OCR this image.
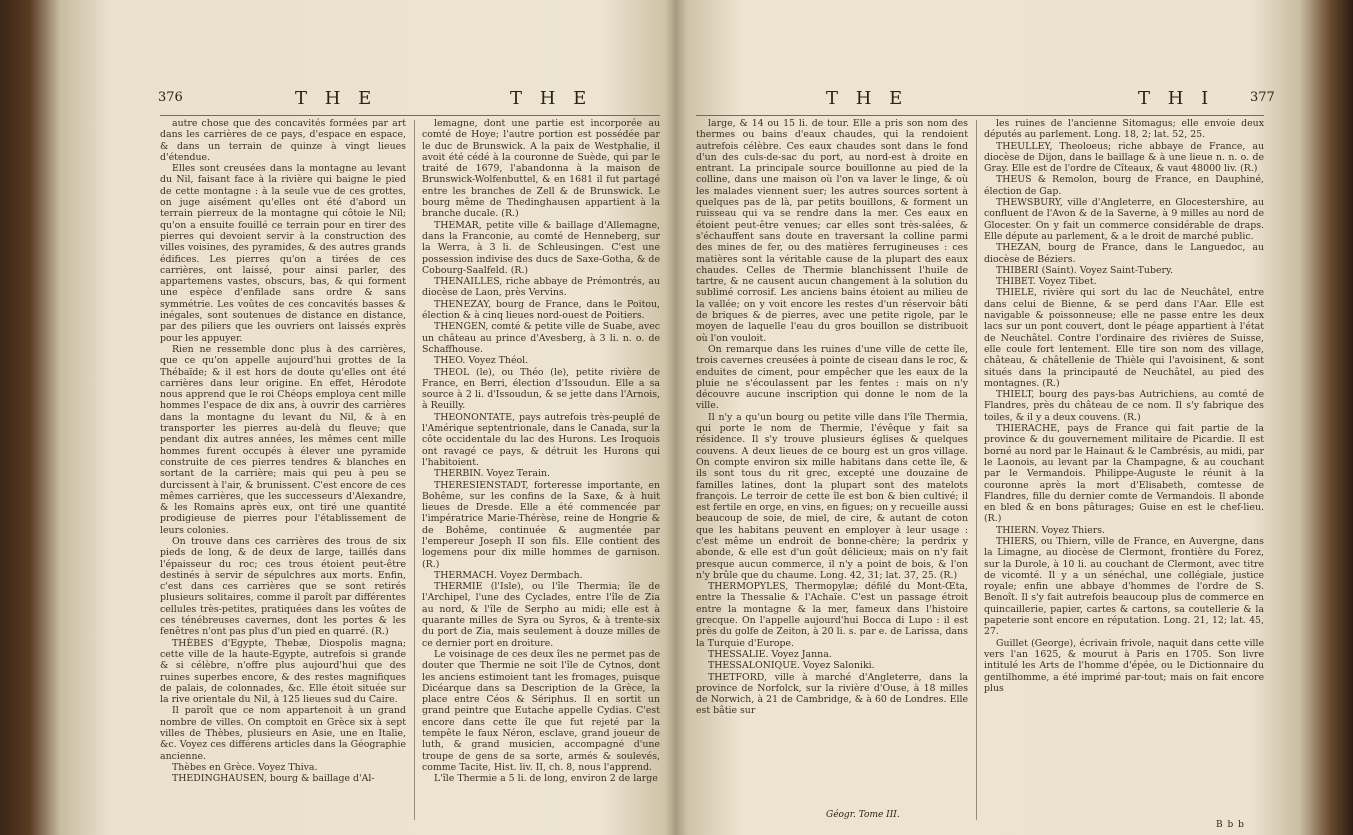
376	T H E	T H E

autre chose que des concavités formées par art dans les carrières de ce pays, d'espace en espace, & dans un terrain de quinze à vingt lieues d'étendue.

Elles sont creusées dans la montagne au levant du Nil, faisant face à la rivière qui baigne le pied de cette montagne : à la seule vue de ces grottes, on juge aisément qu'elles ont été d'abord un terrain pierreux de la montagne qui côtoie le Nil; qu'on a ensuite fouillé ce terrain pour en tirer des pierres qui devoient servir à la construction des villes voisines, des pyramides, & des autres grands édifices. Les pierres qu'on a tirées de ces carrières, ont laissé, pour ainsi parler, des appartemens vastes, obscurs, bas, & qui forment une espèce d'enfilade sans ordre & sans symmétrie. Les voûtes de ces concavités basses & inégales, sont soutenues de distance en distance, par des piliers que les ouvriers ont laissés exprès pour les appuyer.

Rien ne ressemble donc plus à des carrières, que ce qu'on appelle aujourd'hui grottes de la Thébaïde; & il est hors de doute qu'elles ont été carrières dans leur origine. En effet, Hérodote nous apprend que le roi Chéops employa cent mille hommes l'espace de dix ans, à ouvrir des carrières dans la montagne du levant du Nil, & à en transporter les pierres au-delà du fleuve; que pendant dix autres années, les mêmes cent mille hommes furent occupés à élever une pyramide construite de ces pierres tendres & blanches en sortant de la carrière; mais qui peu à peu se durcissent à l'air, & brunissent. C'est encore de ces mêmes carrières, que les successeurs d'Alexandre, & les Romains après eux, ont tiré une quantité prodigieuse de pierres pour l'établissement de leurs colonies.

On trouve dans ces carrières des trous de six pieds de long, & de deux de large, taillés dans l'épaisseur du roc; ces trous étoient peut-être destinés à servir de sépulchres aux morts. Enfin, c'est dans ces carrières que se sont retirés plusieurs solitaires, comme il paroît par différentes cellules très-petites, pratiquées dans les voûtes de ces ténébreuses cavernes, dont les portes & les fenêtres n'ont pas plus d'un pied en quarré. (R.)

THÈBES d'Egypte, Thebæ, Diospolis magna; cette ville de la haute-Egypte, autrefois si grande & si célèbre, n'offre plus aujourd'hui que des ruines superbes encore, & des restes magnifiques de palais, de colonnades, &c. Elle étoit située sur la rive orientale du Nil, à 125 lieues sud du Caire.

Il paroît que ce nom appartenoit à un grand nombre de villes. On comptoit en Grèce six à sept villes de Thèbes, plusieurs en Asie, une en Italie, &c. Voyez ces différens articles dans la Géographie ancienne.

Thèbes en Grèce. Voyez Thiva.

THEDINGHAUSEN, bourg & baillage d'Al-

lemagne, dont une partie est incorporée au comté de Hoye; l'autre portion est possédée par le duc de Brunswick. A la paix de Westphalie, il avoit été cédé à la couronne de Suède, qui par le traité de 1679, l'abandonna à la maison de Brunswick-Wolfenbuttel, & en 1681 il fut partagé entre les branches de Zell & de Brunswick. Le bourg même de Thedinghausen appartient à la branche ducale. (R.)

THEMAR, petite ville & baillage d'Allemagne, dans la Franconie, au comté de Henneberg, sur la Werra, à 3 li. de Schleusingen. C'est une possession indivise des ducs de Saxe-Gotha, & de Cobourg-Saalfeld. (R.)

THENAILLES, riche abbaye de Prémontrés, au diocèse de Laon, près Vervins.

THENEZAY, bourg de France, dans le Poitou, élection & à cinq lieues nord-ouest de Poitiers.

THENGEN, comté & petite ville de Suabe, avec un château au prince d'Avesberg, à 3 li. n. o. de Schaffhouse.

THEO. Voyez Théol.

THEOL (le), ou Théo (le), petite rivière de France, en Berri, élection d'Issoudun. Elle a sa source à 2 li. d'Issoudun, & se jette dans l'Arnois, à Reuilly.

THEONONTATE, pays autrefois très-peuplé de l'Amérique septentrionale, dans le Canada, sur la côte occidentale du lac des Hurons. Les Iroquois ont ravagé ce pays, & détruit les Hurons qui l'habitoient.

THERBIN. Voyez Terain.

THERESIENSTADT, forteresse importante, en Bohême, sur les confins de la Saxe, & à huit lieues de Dresde. Elle a été commencée par l'impératrice Marie-Thérèse, reine de Hongrie & de Bohême, continuée & augmentée par l'empereur Joseph II son fils. Elle contient des logemens pour dix mille hommes de garnison. (R.)

THERMACH. Voyez Dermbach.

THERMIE (l'Isle), ou l'île Thermia; île de l'Archipel, l'une des Cyclades, entre l'île de Zia au nord, & l'île de Serpho au midi; elle est à quarante milles de Syra ou Syros, & à trente-six du port de Zia, mais seulement à douze milles de ce dernier port en droiture.

Le voisinage de ces deux îles ne permet pas de douter que Thermie ne soit l'île de Cytnos, dont les anciens estimoient tant les fromages, puisque Dicéarque dans sa Description de la Grèce, la place entre Céos & Sériphus. Il en sortit un grand peintre que Eutache appelle Cydias. C'est encore dans cette île que fut rejeté par la tempête le faux Néron, esclave, grand joueur de luth, & grand musicien, accompagné d'une troupe de gens de sa sorte, armés & soulevés, comme Tacite, Hist. liv. II, ch. 8, nous l'apprend.

L'île Thermie a 5 li. de long, environ 2 de large

T H E	T H I	377

large, & 14 ou 15 li. de tour. Elle a pris son nom des thermes ou bains d'eaux chaudes, qui la rendoient autrefois célèbre. Ces eaux chaudes sont dans le fond d'un des culs-de-sac du port, au nord-est à droite en entrant. La principale source bouillonne au pied de la colline, dans une maison où l'on va laver le linge, & où les malades viennent suer; les autres sources sortent à quelques pas de là, par petits bouillons, & forment un ruisseau qui va se rendre dans la mer. Ces eaux en étoient peut-être venues; car elles sont très-salées, & s'échauffent sans doute en traversant la colline parmi des mines de fer, ou des matières ferrugineuses : ces matières sont la véritable cause de la plupart des eaux chaudes. Celles de Thermie blanchissent l'huile de tartre, & ne causent aucun changement à la solution du sublimé corrosif. Les anciens bains étoient au milieu de la vallée; on y voit encore les restes d'un réservoir bâti de briques & de pierres, avec une petite rigole, par le moyen de laquelle l'eau du gros bouillon se distribuoit où l'on vouloit.

On remarque dans les ruines d'une ville de cette île, trois cavernes creusées à pointe de ciseau dans le roc, & enduites de ciment, pour empêcher que les eaux de la pluie ne s'écoulassent par les fentes : mais on n'y découvre aucune inscription qui donne le nom de la ville.

Il n'y a qu'un bourg ou petite ville dans l'île Thermia, qui porte le nom de Thermie, l'évêque y fait sa résidence. Il s'y trouve plusieurs églises & quelques couvens. A deux lieues de ce bourg est un gros village. On compte environ six mille habitans dans cette île, & ils sont tous du rit grec, excepté une douzaine de familles latines, dont la plupart sont des matelots françois. Le terroir de cette île est bon & bien cultivé; il est fertile en orge, en vins, en figues; on y recueille aussi beaucoup de soie, de miel, de cire, & autant de coton que les habitans peuvent en employer à leur usage : c'est même un endroit de bonne-chère; la perdrix y abonde, & elle est d'un goût délicieux; mais on n'y fait presque aucun commerce, il n'y a point de bois, & l'on n'y brûle que du chaume. Long. 42, 31; lat. 37, 25. (R.)

THERMOPYLES, Thermopylæ; défilé du Mont-Œta, entre la Thessalie & l'Achaïe. C'est un passage étroit entre la montagne & la mer, fameux dans l'histoire grecque. On l'appelle aujourd'hui Bocca di Lupo : il est près du golfe de Zeiton, à 20 li. s. par e. de Larissa, dans la Turquie d'Europe.

THESSALIE. Voyez Janna.

THESSALONIQUE. Voyez Saloniki.

THETFORD, ville à marché d'Angleterre, dans la province de Norfolck, sur la rivière d'Ouse, à 18 milles de Norwich, à 21 de Cambridge, & à 60 de Londres. Elle est bâtie sur

les ruines de l'ancienne Sitomagus; elle envoie deux députés au parlement. Long. 18, 2; lat. 52, 25.

THEULLEY, Theoloeus; riche abbaye de France, au diocèse de Dijon, dans le baillage & à une lieue n. n. o. de Gray. Elle est de l'ordre de Cîteaux, & vaut 48000 liv. (R.)

THEUS & Remolon, bourg de France, en Dauphiné, élection de Gap.

THEWSBURY, ville d'Angleterre, en Glocestershire, au confluent de l'Avon & de la Saverne, à 9 milles au nord de Glocester. On y fait un commerce considérable de draps. Elle députe au parlement, & a le droit de marché public.

THEZAN, bourg de France, dans le Languedoc, au diocèse de Béziers.

THIBERI (Saint). Voyez Saint-Tubery.

THIBET. Voyez Tibet.

THIELE, rivière qui sort du lac de Neuchâtel, entre dans celui de Bienne, & se perd dans l'Aar. Elle est navigable & poissonneuse; elle ne passe entre les deux lacs sur un pont couvert, dont le péage appartient à l'état de Neuchâtel. Contre l'ordinaire des rivières de Suisse, elle coule fort lentement. Elle tire son nom des village, château, & châtellenie de Thièle qui l'avoisinent, & sont situés dans la principauté de Neuchâtel, au pied des montagnes. (R.)

THIELT, bourg des pays-bas Autrichiens, au comté de Flandres, près du château de ce nom. Il s'y fabrique des toiles, & il y a deux couvens. (R.)

THIERACHE, pays de France qui fait partie de la province & du gouvernement militaire de Picardie. Il est borné au nord par le Hainaut & le Cambrésis, au midi, par le Laonois, au levant par la Champagne, & au couchant par le Vermandois. Philippe-Auguste le réunit à la couronne après la mort d'Elisabeth, comtesse de Flandres, fille du dernier comte de Vermandois. Il abonde en bled & en bons pâturages; Guise en est le chef-lieu. (R.)

THIERN. Voyez Thiers.

THIERS, ou Thiern, ville de France, en Auvergne, dans la Limagne, au diocèse de Clermont, frontière du Forez, sur la Durole, à 10 li. au couchant de Clermont, avec titre de vicomté. Il y a un sénéchal, une collégiale, justice royale; enfin une abbaye d'hommes de l'ordre de S. Benoît. Il s'y fait autrefois beaucoup plus de commerce en quincaillerie, papier, cartes & cartons, sa coutellerie & la papeterie sont encore en réputation. Long. 21, 12; lat. 45, 27.

Guillet (George), écrivain frivole, naquit dans cette ville vers l'an 1625, & mourut à Paris en 1705. Son livre intitulé les Arts de l'homme d'épée, ou le Dictionnaire du gentilhomme, a été imprimé par-tout; mais on fait encore plus

Géogr. Tome III.
B b b
